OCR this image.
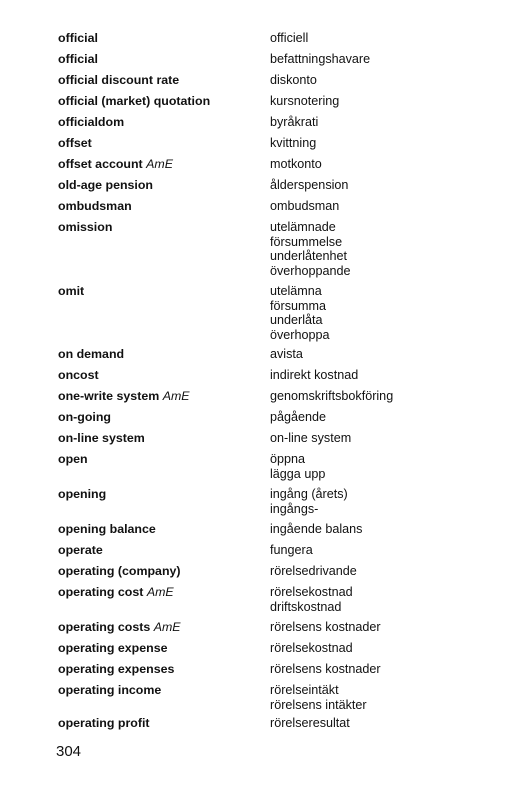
official	officiell
official	befattningshavare
official discount rate	diskonto
official (market) quotation	kursnotering
officialdom	byråkrati
offset	kvittning
offset account AmE	motkonto
old-age pension	ålderspension
ombudsman	ombudsman
omission	utelämnade
försummelse
underlåtenhet
överhoppande
omit	utelämna
försumma
underlåta
överhoppa
on demand	avista
oncost	indirekt kostnad
one-write system AmE	genomskriftsbokföring
on-going	pågående
on-line system	on-line system
open	öppna
lägga upp
opening	ingång (årets)
ingångs-
opening balance	ingående balans
operate	fungera
operating (company)	rörelsedrivande
operating cost AmE	rörelsekostnad
driftskostnad
operating costs AmE	rörelsens kostnader
operating expense	rörelsekostnad
operating expenses	rörelsens kostnader
operating income	rörelseintäkt
rörelsens intäkter
operating profit	rörelseresultat
304
